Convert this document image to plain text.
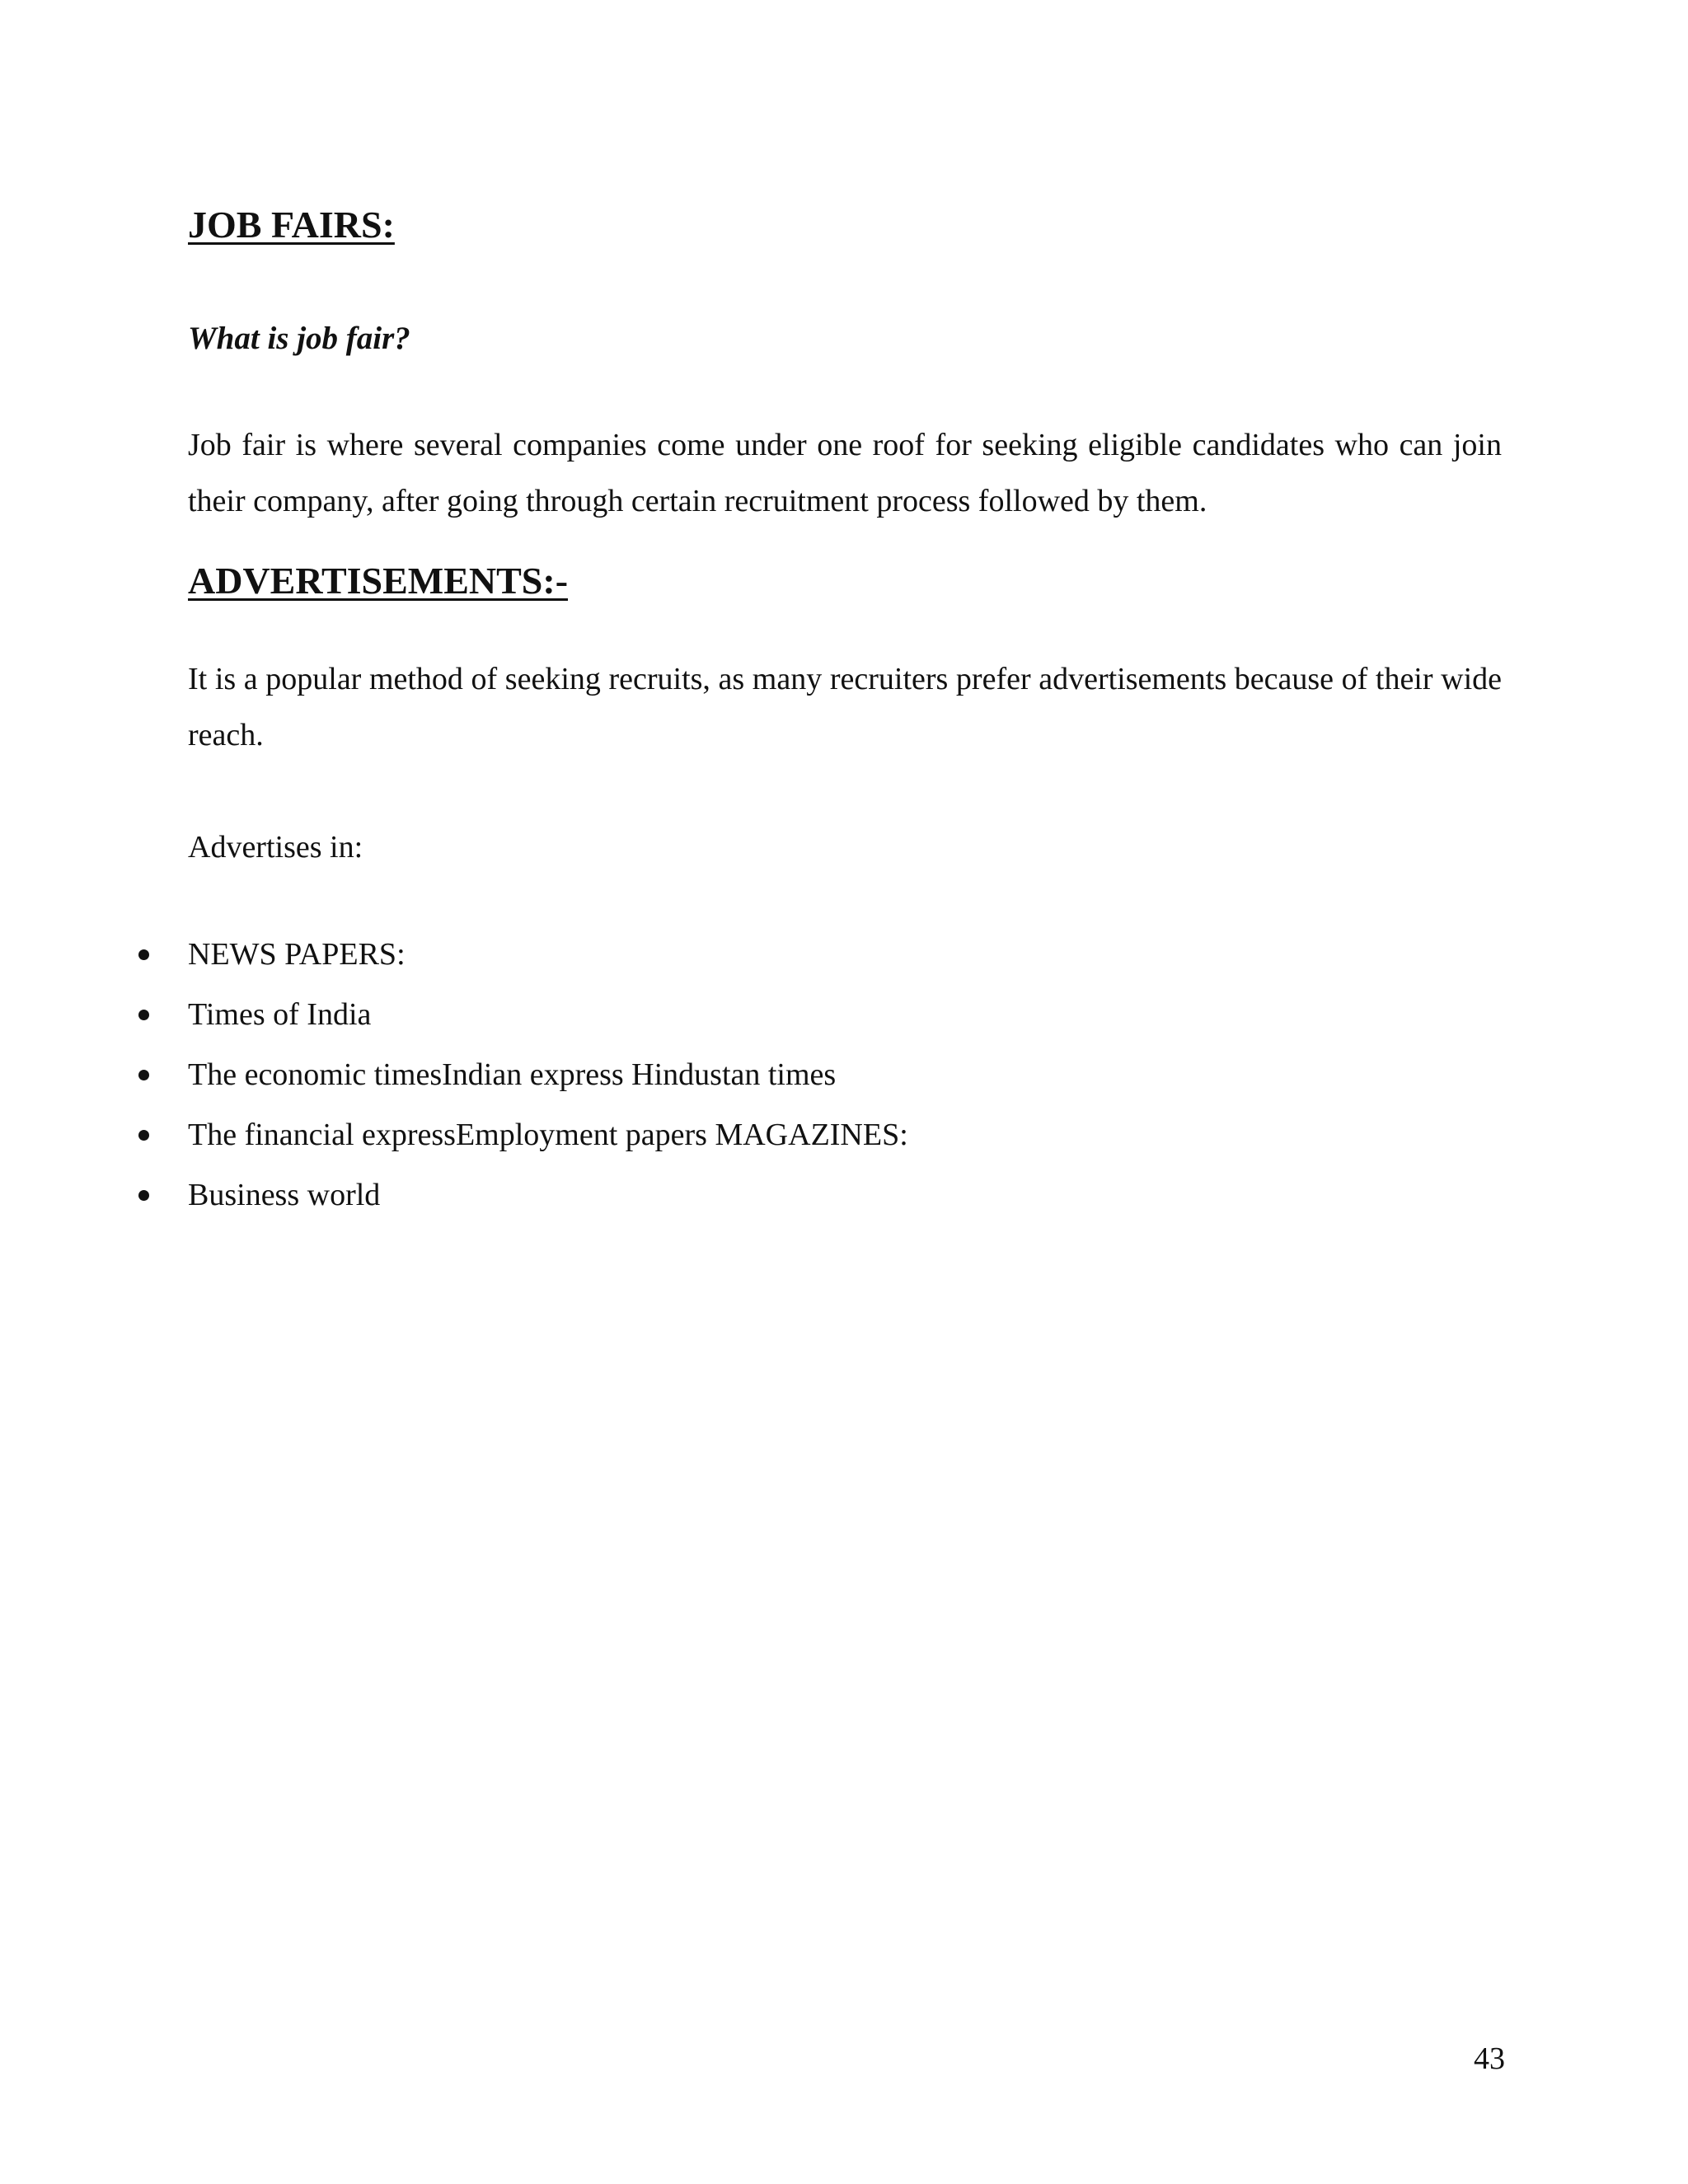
JOB FAIRS:
What is job fair?

Job fair is where several companies come under one roof for seeking eligible candidates who can join their company, after going through certain recruitment process followed by them.

ADVERTISEMENTS:-

It is a popular method of seeking recruits, as many recruiters prefer advertisements because of their wide reach.

Advertises in:

NEWS PAPERS:
Times of India
The economic timesIndian express Hindustan times
The financial expressEmployment papers MAGAZINES:
Business world

43
